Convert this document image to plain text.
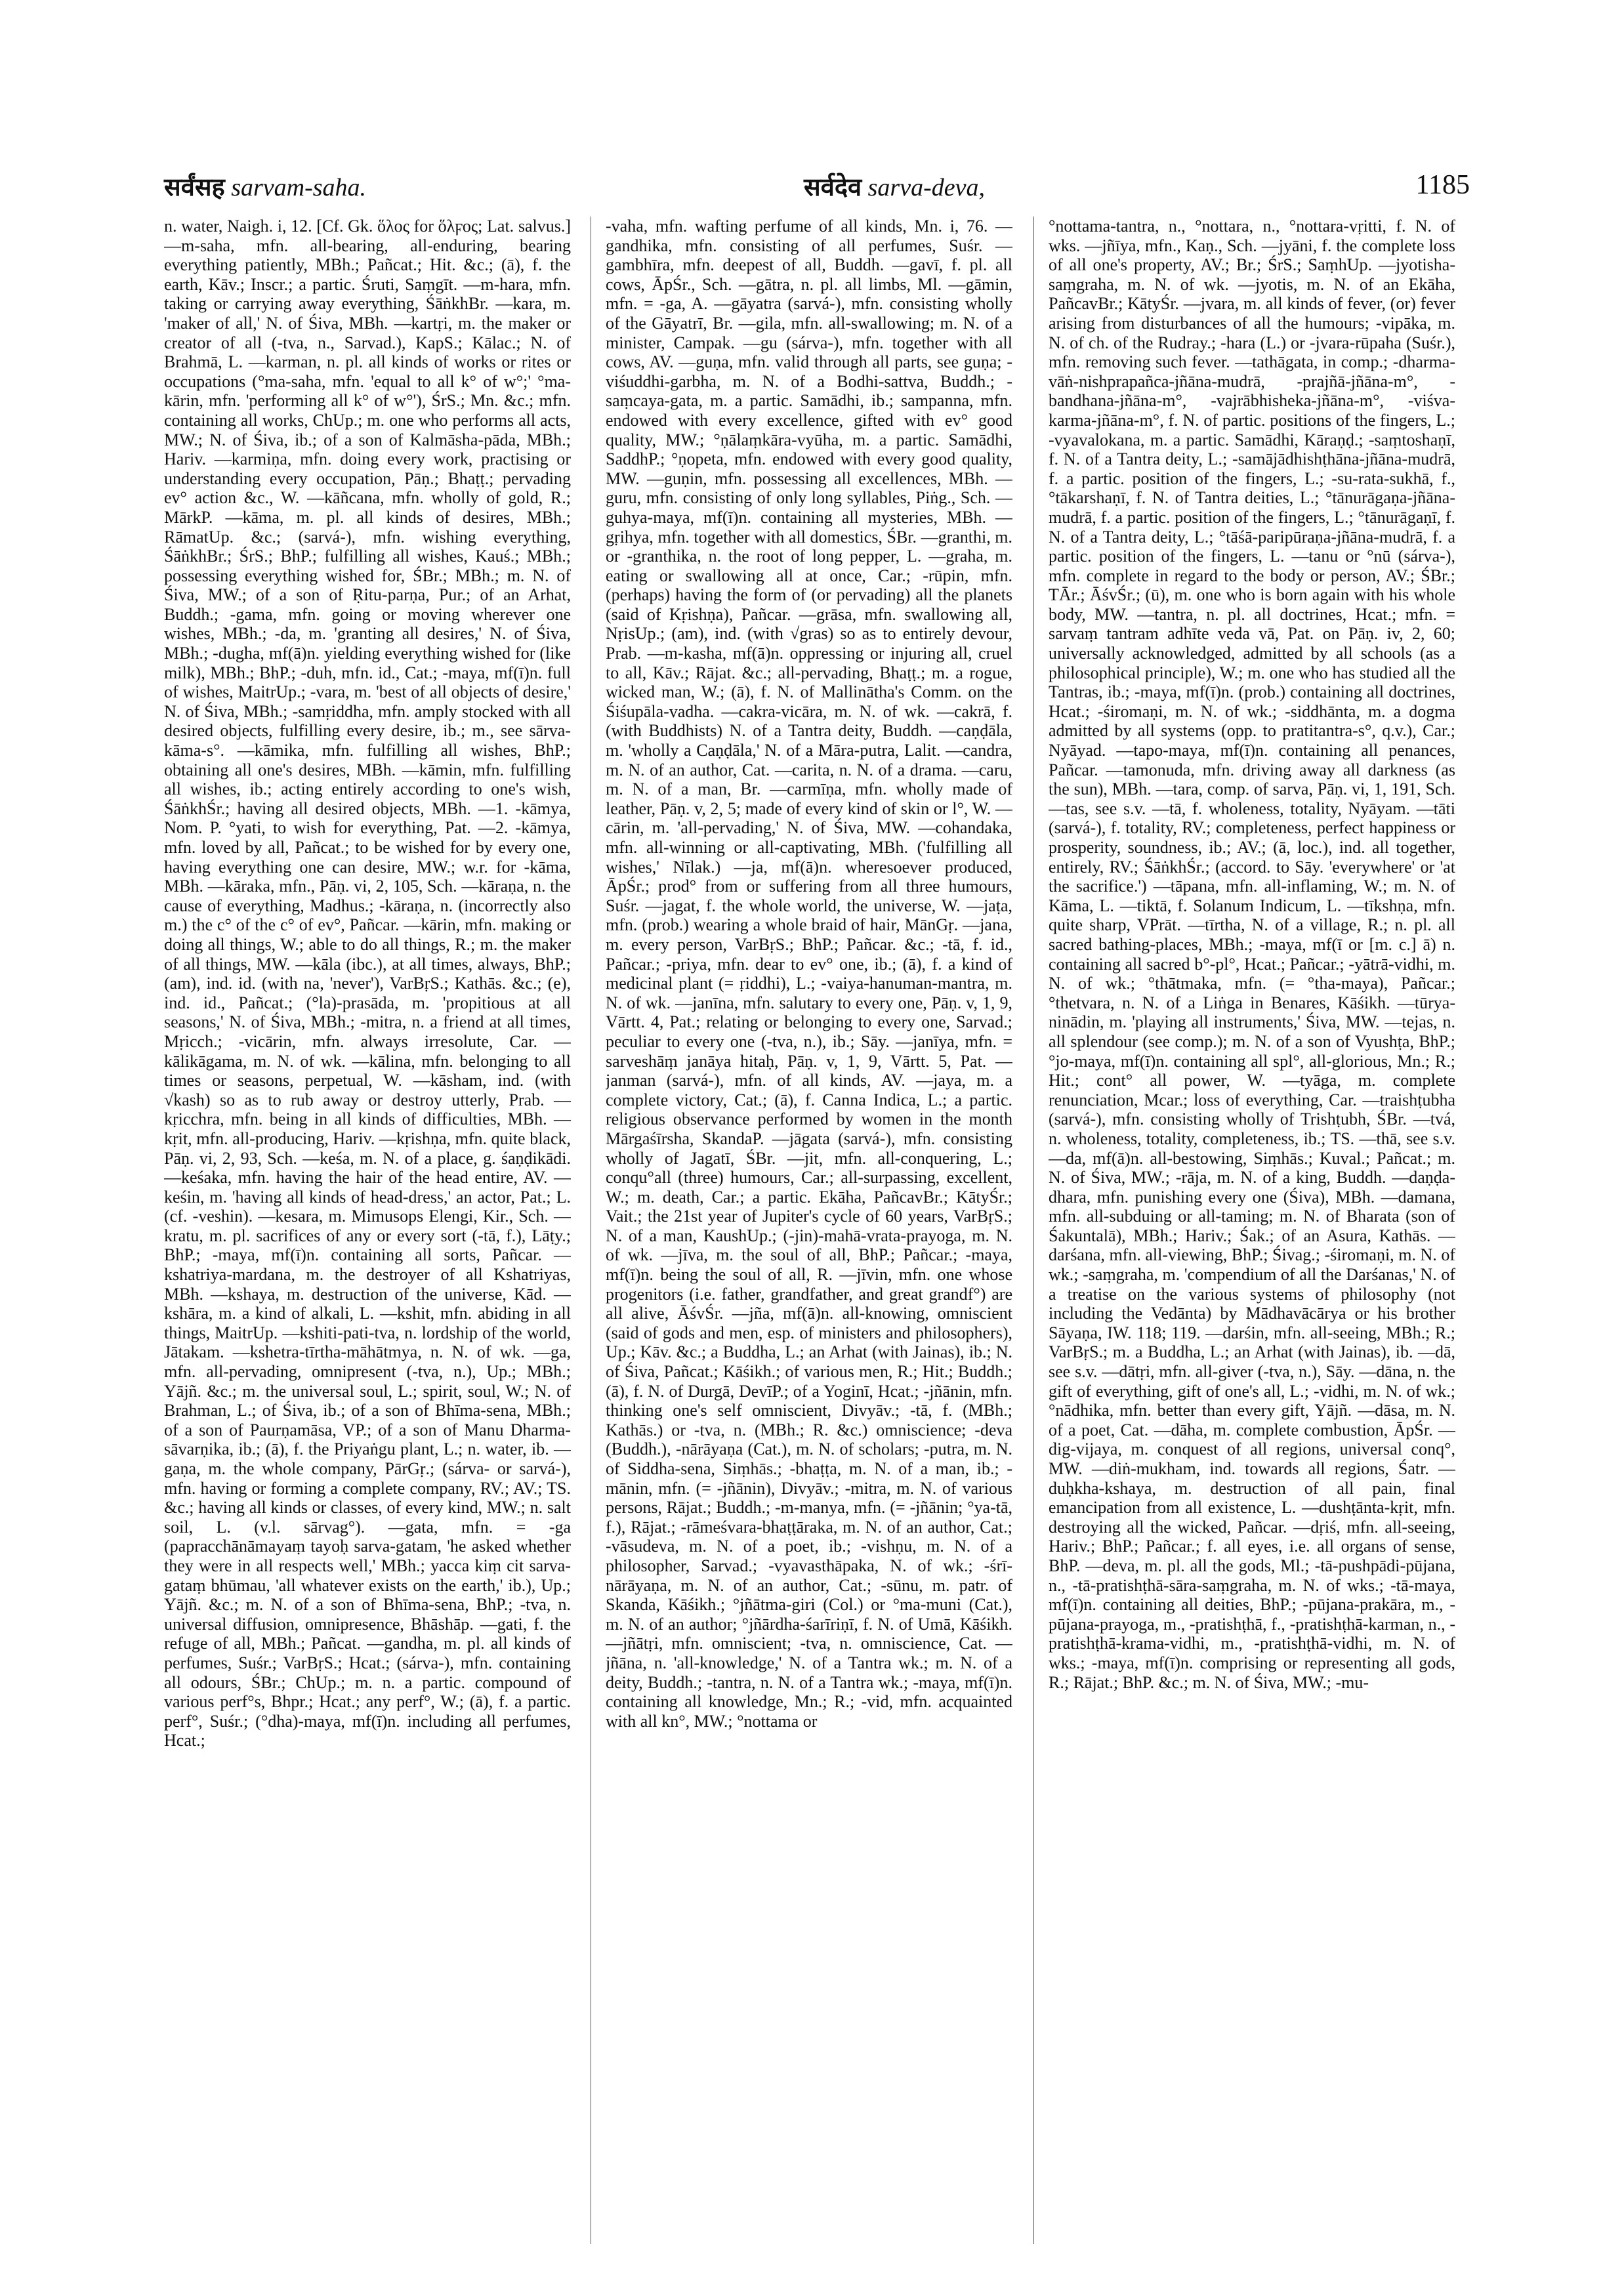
सर्वंसह sarvam-saha.	सर्वदेव sarva-deva,	1185
n. water, Naigh. i, 12. [Cf. Gk. ὅλος for ὅλϝος; Lat. salvus.] —m-saha, mfn. all-bearing, all-enduring, bearing everything patiently, MBh.; Pañcat.; Hit. &c.; (ā), f. the earth, Kāv.; Inscr.; a partic. Śruti, Saṃgīt. —m-hara, mfn. taking or carrying away everything, ŚāṅkhBr. —kara, m. 'maker of all,' N. of Śiva, MBh. —kartṛi, m. the maker or creator of all (-tva, n., Sarvad.), KapS.; Kālac.; N. of Brahmā, L. —karman, n. pl. all kinds of works or rites or occupations (°ma-saha, mfn. 'equal to all k° of w°;' °ma-kārin, mfn. 'performing all k° of w°'), ŚrS.; Mn. &c.; mfn. containing all works, ChUp.; m. one who performs all acts, MW.; N. of Śiva, ib.; of a son of Kalmāsha-pāda, MBh.; Hariv. —karmiṇa, mfn. doing every work, practising or understanding every occupation, Pāṇ.; Bhaṭṭ.; pervading ev° action &c., W. —kāñcana, mfn. wholly of gold, R.; MārkP. —kāma, m. pl. all kinds of desires, MBh.; RāmatUp. &c.; (sarvá-), mfn. wishing everything, ŚāṅkhBr.; ŚrS.; BhP.; fulfilling all wishes, Kauś.; MBh.; possessing everything wished for, ŚBr.; MBh.; m. N. of Śiva, MW.; of a son of Ṛitu-parṇa, Pur.; of an Arhat, Buddh.; -gama, mfn. going or moving wherever one wishes, MBh.; -da, m. 'granting all desires,' N. of Śiva, MBh.; -dugha, mf(ā)n. yielding everything wished for (like milk), MBh.; BhP.; -duh, mfn. id., Cat.; -maya, mf(ī)n. full of wishes, MaitrUp.; -vara, m. 'best of all objects of desire,' N. of Śiva, MBh.; -samṛiddha, mfn. amply stocked with all desired objects, fulfilling every desire, ib.; m., see sārva-kāma-s°. —kāmika, mfn. fulfilling all wishes, BhP.; obtaining all one's desires, MBh. —kāmin, mfn. fulfilling all wishes, ib.; acting entirely according to one's wish, ŚāṅkhŚr.; having all desired objects, MBh. —1. -kāmya, Nom. P. °yati, to wish for everything, Pat. —2. -kāmya, mfn. loved by all, Pañcat.; to be wished for by every one, having everything one can desire, MW.; w.r. for -kāma, MBh. —kāraka, mfn., Pāṇ. vi, 2, 105, Sch. —kāraṇa, n. the cause of everything, Madhus.; -kāraṇa, n. (incorrectly also m.) the c° of the c° of ev°, Pañcar. —kārin, mfn. making or doing all things, W.; able to do all things, R.; m. the maker of all things, MW. —kāla (ibc.), at all times, always, BhP.; (am), ind. id. (with na, 'never'), VarBṛS.; Kathās. &c.; (e), ind. id., Pañcat.; (°la)-prasāda, m. 'propitious at all seasons,' N. of Śiva, MBh.; -mitra, n. a friend at all times, Mṛicch.; -vicārin, mfn. always irresolute, Car. —kālikāgama, m. N. of wk. —kālina, mfn. belonging to all times or seasons, perpetual, W. —kāsham, ind. (with √kash) so as to rub away or destroy utterly, Prab. —kṛicchra, mfn. being in all kinds of difficulties, MBh. —kṛit, mfn. all-producing, Hariv. —kṛishṇa, mfn. quite black, Pāṇ. vi, 2, 93, Sch. —keśa, m. N. of a place, g. śaṇḍikādi. —keśaka, mfn. having the hair of the head entire, AV. —keśin, m. 'having all kinds of head-dress,' an actor, Pat.; L. (cf. -veshin). —kesara, m. Mimusops Elengi, Kir., Sch. —kratu, m. pl. sacrifices of any or every sort (-tā, f.), Lāṭy.; BhP.; -maya, mf(ī)n. containing all sorts, Pañcar. —kshatriya-mardana, m. the destroyer of all Kshatriyas, MBh. —kshaya, m. destruction of the universe, Kād. —kshāra, m. a kind of alkali, L. —kshit, mfn. abiding in all things, MaitrUp. —kshiti-pati-tva, n. lordship of the world, Jātakam. —kshetra-tīrtha-māhātmya, n. N. of wk. —ga, mfn. all-pervading, omnipresent (-tva, n.), Up.; MBh.; Yājñ. &c.; m. the universal soul, L.; spirit, soul, W.; N. of Brahman, L.; of Śiva, ib.; of a son of Bhīma-sena, MBh.; of a son of Paurṇamāsa, VP.; of a son of Manu Dharma-sāvarṇika, ib.; (ā), f. the Priyaṅgu plant, L.; n. water, ib. —gaṇa, m. the whole company, PārGṛ.; (sárva- or sarvá-), mfn. having or forming a complete company, RV.; AV.; TS. &c.; having all kinds or classes, of every kind, MW.; n. salt soil, L. (v.l. sārvag°). —gata, mfn. = -ga (papracchānāmayaṃ tayoḥ sarva-gatam, 'he asked whether they were in all respects well,' MBh.; yacca kiṃ cit sarva-gataṃ bhūmau, 'all whatever exists on the earth,' ib.), Up.; Yājñ. &c.; m. N. of a son of Bhīma-sena, BhP.; -tva, n. universal diffusion, omnipresence, Bhāshāp. —gati, f. the refuge of all, MBh.; Pañcat. —gandha, m. pl. all kinds of perfumes, Suśr.; VarBṛS.; Hcat.; (sárva-), mfn. containing all odours, ŚBr.; ChUp.; m. n. a partic. compound of various perf°s, Bhpr.; Hcat.; any perf°, W.; (ā), f. a partic. perf°, Suśr.; (°dha)-maya, mf(ī)n. including all perfumes, Hcat.;
-vaha, mfn. wafting perfume of all kinds, Mn. i, 76. —gandhika, mfn. consisting of all perfumes, Suśr. —gambhīra, mfn. deepest of all, Buddh. —gavī, f. pl. all cows, ĀpŚr., Sch. —gātra, n. pl. all limbs, Ml. —gāmin, mfn. = -ga, A. —gāyatra (sarvá-), mfn. consisting wholly of the Gāyatrī, Br. —gila, mfn. all-swallowing; m. N. of a minister, Campak. —gu (sárva-), mfn. together with all cows, AV. —guṇa, mfn. valid through all parts, see guṇa; -viśuddhi-garbha, m. N. of a Bodhi-sattva, Buddh.; -saṃcaya-gata, m. a partic. Samādhi, ib.; sampanna, mfn. endowed with every excellence, gifted with ev° good quality, MW.; °ṇālaṃkāra-vyūha, m. a partic. Samādhi, SaddhP.; °ṇopeta, mfn. endowed with every good quality, MW. —guṇin, mfn. possessing all excellences, MBh. —guru, mfn. consisting of only long syllables, Piṅg., Sch. —guhya-maya, mf(ī)n. containing all mysteries, MBh. —gṛihya, mfn. together with all domestics, ŚBr. —granthi, m. or -granthika, n. the root of long pepper, L. —graha, m. eating or swallowing all at once, Car.; -rūpin, mfn. (perhaps) having the form of (or pervading) all the planets (said of Kṛishṇa), Pañcar. —grāsa, mfn. swallowing all, NṛisUp.; (am), ind. (with √gras) so as to entirely devour, Prab. —m-kasha, mf(ā)n. oppressing or injuring all, cruel to all, Kāv.; Rājat. &c.; all-pervading, Bhaṭṭ.; m. a rogue, wicked man, W.; (ā), f. N. of Mallinātha's Comm. on the Śiśupāla-vadha. —cakra-vicāra, m. N. of wk. —cakrā, f. (with Buddhists) N. of a Tantra deity, Buddh. —caṇḍāla, m. 'wholly a Caṇḍāla,' N. of a Māra-putra, Lalit. —candra, m. N. of an author, Cat. —carita, n. N. of a drama. —caru, m. N. of a man, Br. —carmīṇa, mfn. wholly made of leather, Pāṇ. v, 2, 5; made of every kind of skin or l°, W. —cārin, m. 'all-pervading,' N. of Śiva, MW. —cohandaka, mfn. all-winning or all-captivating, MBh. ('fulfilling all wishes,' Nīlak.) —ja, mf(ā)n. wheresoever produced, ĀpŚr.; prod° from or suffering from all three humours, Suśr. —jagat, f. the whole world, the universe, W. —jaṭa, mfn. (prob.) wearing a whole braid of hair, MānGṛ. —jana, m. every person, VarBṛS.; BhP.; Pañcar. &c.; -tā, f. id., Pañcar.; -priya, mfn. dear to ev° one, ib.; (ā), f. a kind of medicinal plant (= ṛiddhi), L.; -vaiya-hanuman-mantra, m. N. of wk. —janīna, mfn. salutary to every one, Pāṇ. v, 1, 9, Vārtt. 4, Pat.; relating or belonging to every one, Sarvad.; peculiar to every one (-tva, n.), ib.; Sāy. —janīya, mfn. = sarveshāṃ janāya hitaḥ, Pāṇ. v, 1, 9, Vārtt. 5, Pat. —janman (sarvá-), mfn. of all kinds, AV. —jaya, m. a complete victory, Cat.; (ā), f. Canna Indica, L.; a partic. religious observance performed by women in the month Mārgaśīrsha, SkandaP. —jāgata (sarvá-), mfn. consisting wholly of Jagatī, ŚBr. —jit, mfn. all-conquering, L.; conqu°all (three) humours, Car.; all-surpassing, excellent, W.; m. death, Car.; a partic. Ekāha, PañcavBr.; KātyŚr.; Vait.; the 21st year of Jupiter's cycle of 60 years, VarBṛS.; N. of a man, KaushUp.; (-jin)-mahā-vrata-prayoga, m. N. of wk. —jīva, m. the soul of all, BhP.; Pañcar.; -maya, mf(ī)n. being the soul of all, R. —jīvin, mfn. one whose progenitors (i.e. father, grandfather, and great grandf°) are all alive, ĀśvŚr. —jña, mf(ā)n. all-knowing, omniscient (said of gods and men, esp. of ministers and philosophers), Up.; Kāv. &c.; a Buddha, L.; an Arhat (with Jainas), ib.; N. of Śiva, Pañcat.; Kāśikh.; of various men, R.; Hit.; Buddh.; (ā), f. N. of Durgā, DevīP.; of a Yoginī, Hcat.; -jñānin, mfn. thinking one's self omniscient, Divyāv.; -tā, f. (MBh.; Kathās.) or -tva, n. (MBh.; R. &c.) omniscience; -deva (Buddh.), -nārāyaṇa (Cat.), m. N. of scholars; -putra, m. N. of Siddha-sena, Siṃhās.; -bhaṭṭa, m. N. of a man, ib.; -mānin, mfn. (= -jñānin), Divyāv.; -mitra, m. N. of various persons, Rājat.; Buddh.; -m-manya, mfn. (= -jñānin; °ya-tā, f.), Rājat.; -rāmeśvara-bhaṭṭāraka, m. N. of an author, Cat.; -vāsudeva, m. N. of a poet, ib.; -vishṇu, m. N. of a philosopher, Sarvad.; -vyavasthāpaka, N. of wk.; -śrī-nārāyaṇa, m. N. of an author, Cat.; -sūnu, m. patr. of Skanda, Kāśikh.; °jñātma-giri (Col.) or °ma-muni (Cat.), m. N. of an author; °jñārdha-śarīriṇī, f. N. of Umā, Kāśikh. —jñātṛi, mfn. omniscient; -tva, n. omniscience, Cat. —jñāna, n. 'all-knowledge,' N. of a Tantra wk.; m. N. of a deity, Buddh.; -tantra, n. N. of a Tantra wk.; -maya, mf(ī)n. containing all knowledge, Mn.; R.; -vid, mfn. acquainted with all kn°, MW.; °nottama or
°nottama-tantra, n., °nottara, n., °nottara-vṛitti, f. N. of wks. —jñīya, mfn., Kaṇ., Sch. —jyāni, f. the complete loss of all one's property, AV.; Br.; ŚrS.; SaṃhUp. —jyotisha-saṃgraha, m. N. of wk. —jyotis, m. N. of an Ekāha, PañcavBr.; KātyŚr. —jvara, m. all kinds of fever, (or) fever arising from disturbances of all the humours; -vipāka, m. N. of ch. of the Rudray.; -hara (L.) or -jvara-rūpaha (Suśr.), mfn. removing such fever. —tathāgata, in comp.; -dharma-vāṅ-nishprapañca-jñāna-mudrā, -prajñā-jñāna-m°, -bandhana-jñāna-m°, -vajrābhisheka-jñāna-m°, -viśva-karma-jñāna-m°, f. N. of partic. positions of the fingers, L.; -vyavalokana, m. a partic. Samādhi, Kāraṇḍ.; -saṃtoshaṇī, f. N. of a Tantra deity, L.; -samājādhishṭhāna-jñāna-mudrā, f. a partic. position of the fingers, L.; -su-rata-sukhā, f., °tākarshaṇī, f. N. of Tantra deities, L.; °tānurāgaṇa-jñāna-mudrā, f. a partic. position of the fingers, L.; °tānurāgaṇī, f. N. of a Tantra deity, L.; °tāśā-paripūraṇa-jñāna-mudrā, f. a partic. position of the fingers, L. —tanu or °nū (sárva-), mfn. complete in regard to the body or person, AV.; ŚBr.; TĀr.; ĀśvŚr.; (ū), m. one who is born again with his whole body, MW. —tantra, n. pl. all doctrines, Hcat.; mfn. = sarvaṃ tantram adhīte veda vā, Pat. on Pāṇ. iv, 2, 60; universally acknowledged, admitted by all schools (as a philosophical principle), W.; m. one who has studied all the Tantras, ib.; -maya, mf(ī)n. (prob.) containing all doctrines, Hcat.; -śiromaṇi, m. N. of wk.; -siddhānta, m. a dogma admitted by all systems (opp. to pratitantra-s°, q.v.), Car.; Nyāyad. —tapo-maya, mf(ī)n. containing all penances, Pañcar. —tamonuda, mfn. driving away all darkness (as the sun), MBh. —tara, comp. of sarva, Pāṇ. vi, 1, 191, Sch. —tas, see s.v. —tā, f. wholeness, totality, Nyāyam. —tāti (sarvá-), f. totality, RV.; completeness, perfect happiness or prosperity, soundness, ib.; AV.; (ā, loc.), ind. all together, entirely, RV.; ŚāṅkhŚr.; (accord. to Sāy. 'everywhere' or 'at the sacrifice.') —tāpana, mfn. all-inflaming, W.; m. N. of Kāma, L. —tiktā, f. Solanum Indicum, L. —tīkshṇa, mfn. quite sharp, VPrāt. —tīrtha, N. of a village, R.; n. pl. all sacred bathing-places, MBh.; -maya, mf(ī or [m. c.] ā) n. containing all sacred b°-pl°, Hcat.; Pañcar.; -yātrā-vidhi, m. N. of wk.; °thātmaka, mfn. (= °tha-maya), Pañcar.; °thetvara, n. N. of a Liṅga in Benares, Kāśikh. —tūrya-ninādin, m. 'playing all instruments,' Śiva, MW. —tejas, n. all splendour (see comp.); m. N. of a son of Vyushṭa, BhP.; °jo-maya, mf(ī)n. containing all spl°, all-glorious, Mn.; R.; Hit.; cont° all power, W. —tyāga, m. complete renunciation, Mcar.; loss of everything, Car. —traishṭubha (sarvá-), mfn. consisting wholly of Trishṭubh, ŚBr. —tvá, n. wholeness, totality, completeness, ib.; TS. —thā, see s.v. —da, mf(ā)n. all-bestowing, Siṃhās.; Kuval.; Pañcat.; m. N. of Śiva, MW.; -rāja, m. N. of a king, Buddh. —daṇḍa-dhara, mfn. punishing every one (Śiva), MBh. —damana, mfn. all-subduing or all-taming; m. N. of Bharata (son of Śakuntalā), MBh.; Hariv.; Śak.; of an Asura, Kathās. —darśana, mfn. all-viewing, BhP.; Śivag.; -śiromaṇi, m. N. of wk.; -saṃgraha, m. 'compendium of all the Darśanas,' N. of a treatise on the various systems of philosophy (not including the Vedānta) by Mādhavācārya or his brother Sāyaṇa, IW. 118; 119. —darśin, mfn. all-seeing, MBh.; R.; VarBṛS.; m. a Buddha, L.; an Arhat (with Jainas), ib. —dā, see s.v. —dātṛi, mfn. all-giver (-tva, n.), Sāy. —dāna, n. the gift of everything, gift of one's all, L.; -vidhi, m. N. of wk.; °nādhika, mfn. better than every gift, Yājñ. —dāsa, m. N. of a poet, Cat. —dāha, m. complete combustion, ĀpŚr. —dig-vijaya, m. conquest of all regions, universal conq°, MW. —diṅ-mukham, ind. towards all regions, Śatr. —duḥkha-kshaya, m. destruction of all pain, final emancipation from all existence, L. —dushṭānta-kṛit, mfn. destroying all the wicked, Pañcar. —dṛiś, mfn. all-seeing, Hariv.; BhP.; Pañcar.; f. all eyes, i.e. all organs of sense, BhP. —deva, m. pl. all the gods, Ml.; -tā-pushpādi-pūjana, n., -tā-pratishṭhā-sāra-saṃgraha, m. N. of wks.; -tā-maya, mf(ī)n. containing all deities, BhP.; -pūjana-prakāra, m., -pūjana-prayoga, m., -pratishṭhā, f., -pratishṭhā-karman, n., -pratishṭhā-krama-vidhi, m., -pratishṭhā-vidhi, m. N. of wks.; -maya, mf(ī)n. comprising or representing all gods, R.; Rājat.; BhP. &c.; m. N. of Śiva, MW.; -mu-
